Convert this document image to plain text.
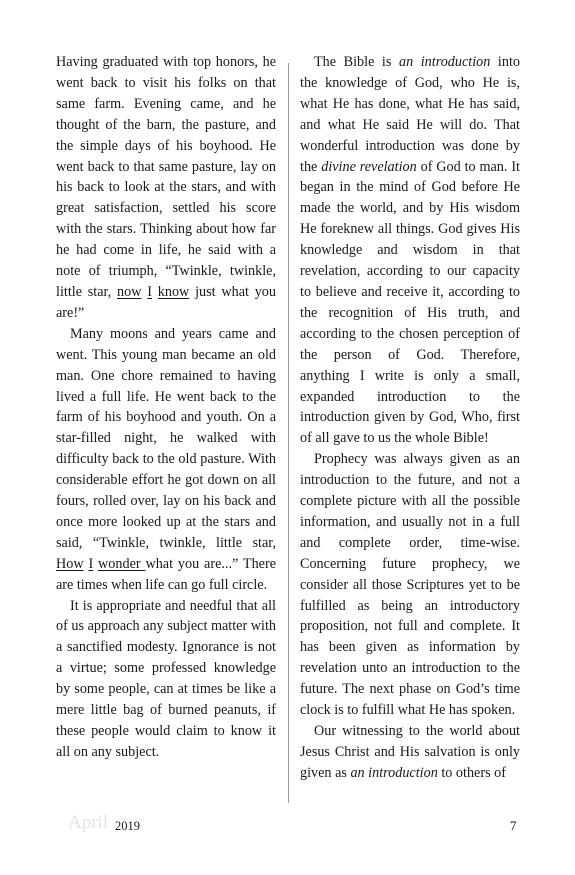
Having graduated with top honors, he went back to visit his folks on that same farm. Evening came, and he thought of the barn, the pasture, and the simple days of his boyhood. He went back to that same pasture, lay on his back to look at the stars, and with great satisfaction, settled his score with the stars. Thinking about how far he had come in life, he said with a note of triumph, “Twinkle, twinkle, little star, now I know just what you are!”

Many moons and years came and went. This young man became an old man. One chore remained to having lived a full life. He went back to the farm of his boyhood and youth. On a star-filled night, he walked with difficulty back to the old pasture. With considerable effort he got down on all fours, rolled over, lay on his back and once more looked up at the stars and said, “Twinkle, twinkle, little star, How I wonder what you are...” There are times when life can go full circle.

It is appropriate and needful that all of us approach any subject matter with a sanctified modesty. Ignorance is not a virtue; some professed knowledge by some people, can at times be like a mere little bag of burned peanuts, if these people would claim to know it all on any subject.

The Bible is an introduction into the knowledge of God, who He is, what He has done, what He has said, and what He said He will do. That wonderful introduction was done by the divine revelation of God to man. It began in the mind of God before He made the world, and by His wisdom He foreknew all things. God gives His knowledge and wisdom in that revelation, according to our capacity to believe and receive it, according to the recognition of His truth, and according to the chosen perception of the person of God. Therefore, anything I write is only a small, expanded introduction to the introduction given by God, Who, first of all gave to us the whole Bible!

Prophecy was always given as an introduction to the future, and not a complete picture with all the possible information, and usually not in a full and complete order, time-wise. Concerning future prophecy, we consider all those Scriptures yet to be fulfilled as being an introductory proposition, not full and complete. It has been given as information by revelation unto an introduction to the future. The next phase on God’s time clock is to fulfill what He has spoken.

Our witnessing to the world about Jesus Christ and His salvation is only given as an introduction to others of

April 2019	7
